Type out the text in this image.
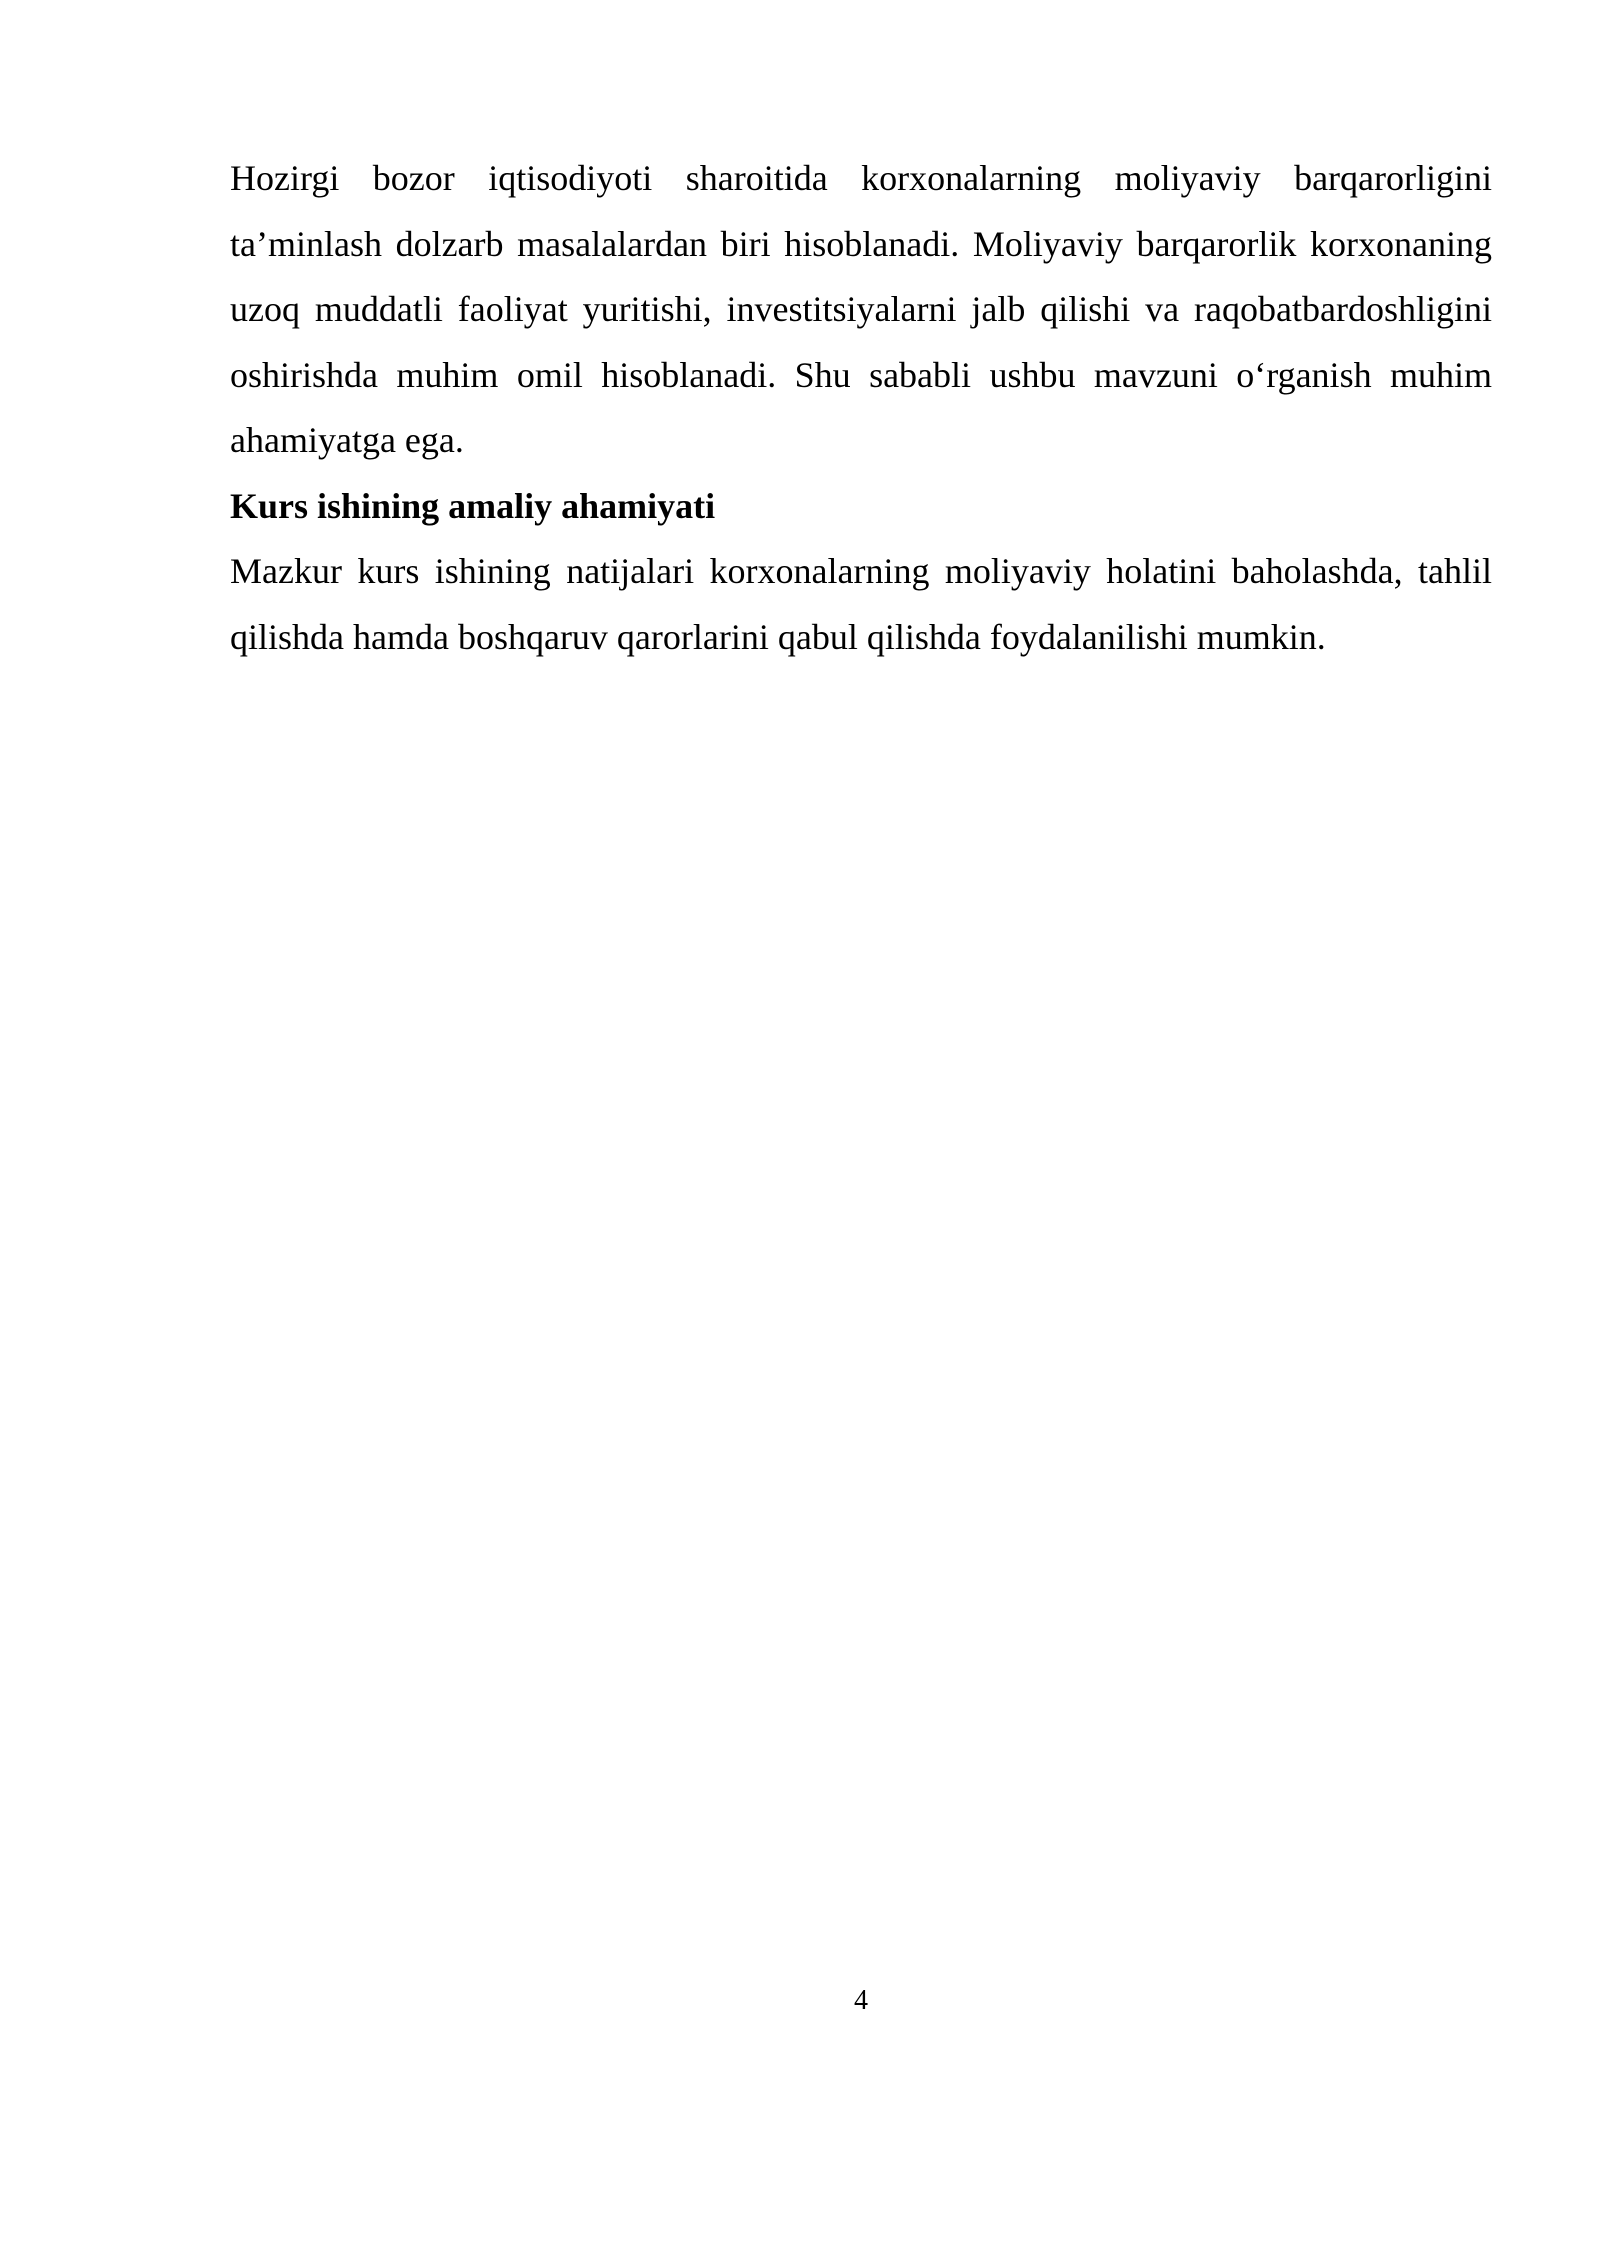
Hozirgi bozor iqtisodiyoti sharoitida korxonalarning moliyaviy barqarorligini ta’minlash dolzarb masalalardan biri hisoblanadi. Moliyaviy barqarorlik korxonaning uzoq muddatli faoliyat yuritishi, investitsiyalarni jalb qilishi va raqobatbardoshligini oshirishda muhim omil hisoblanadi. Shu sababli ushbu mavzuni o‘rganish muhim ahamiyatga ega.

Kurs ishining amaliy ahamiyati

Mazkur kurs ishining natijalari korxonalarning moliyaviy holatini baholashda, tahlil qilishda hamda boshqaruv qarorlarini qabul qilishda foydalanilishi mumkin.

4
